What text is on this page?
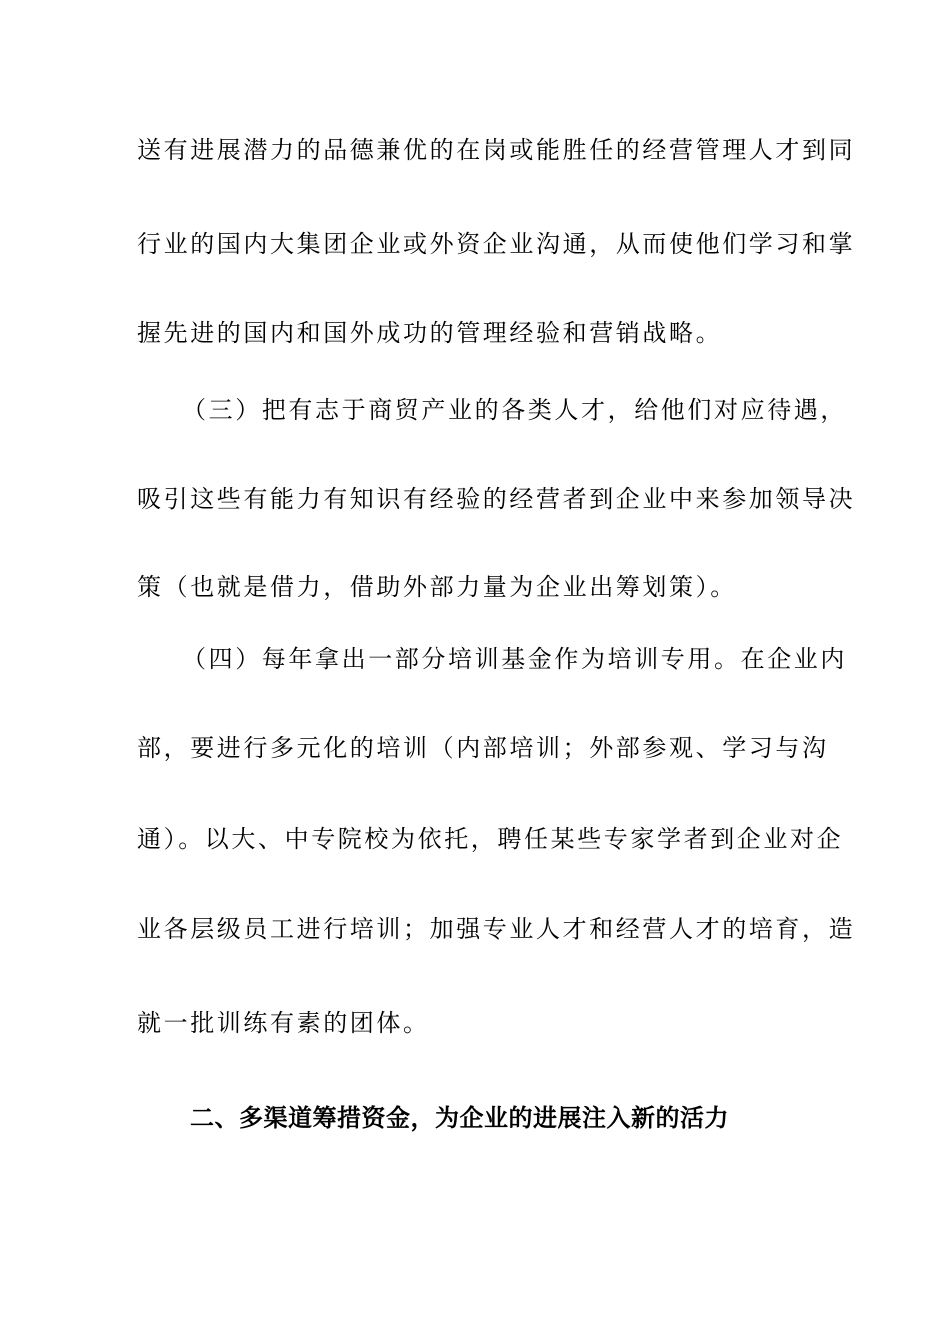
送有进展潜力的品德兼优的在岗或能胜任的经营管理人才到同
行业的国内大集团企业或外资企业沟通，从而使他们学习和掌
握先进的国内和国外成功的管理经验和营销战略。
（三）把有志于商贸产业的各类人才，给他们对应待遇，
吸引这些有能力有知识有经验的经营者到企业中来参加领导决
策（也就是借力，借助外部力量为企业出筹划策）。
（四）每年拿出一部分培训基金作为培训专用。在企业内
部，要进行多元化的培训（内部培训；外部参观、学习与沟
通）。以大、中专院校为依托，聘任某些专家学者到企业对企
业各层级员工进行培训；加强专业人才和经营人才的培育，造
就一批训练有素的团体。
二、多渠道筹措资金，为企业的进展注入新的活力
